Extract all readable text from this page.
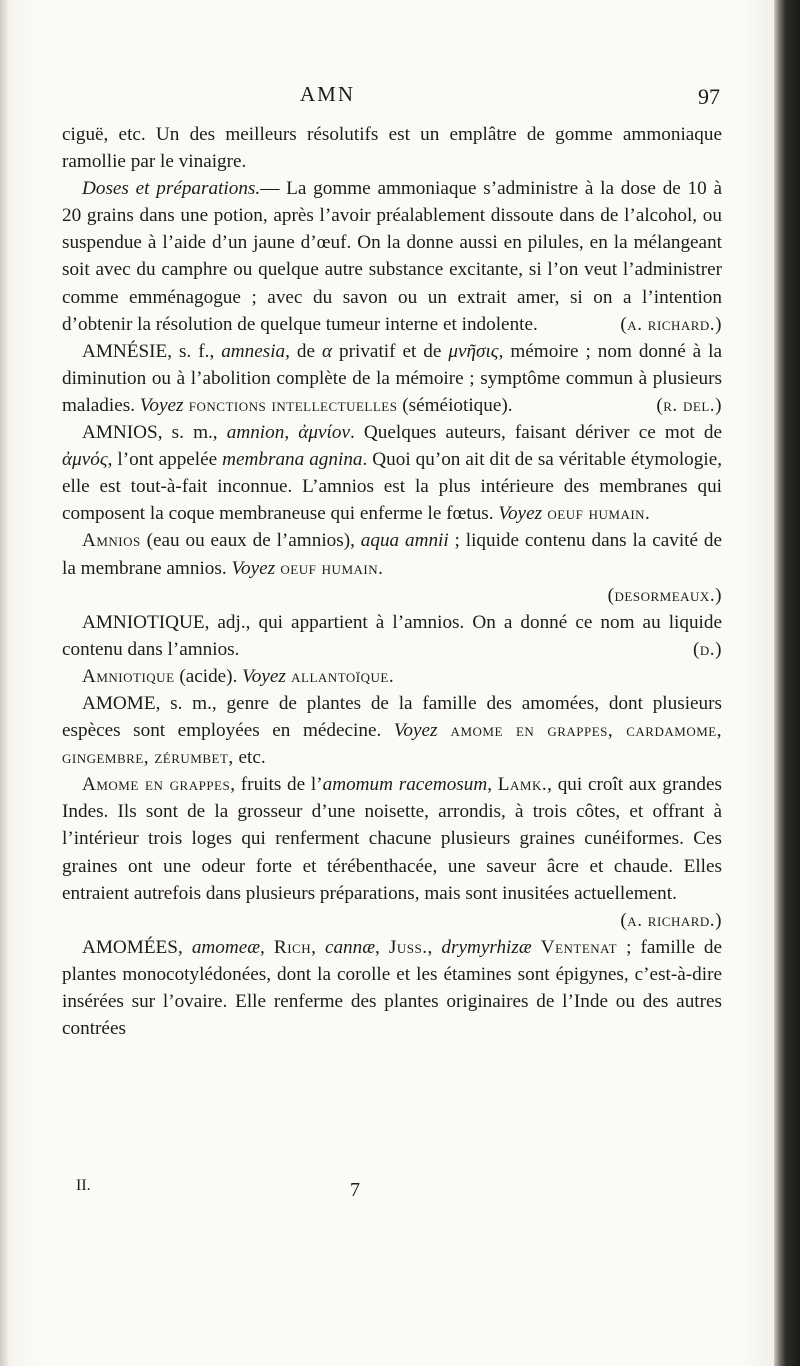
AMN	97

ciguë, etc. Un des meilleurs résolutifs est un emplâtre de gomme ammoniaque ramollie par le vinaigre.

Doses et préparations.— La gomme ammoniaque s’administre à la dose de 10 à 20 grains dans une potion, après l’avoir préalablement dissoute dans de l’alcohol, ou suspendue à l’aide d’un jaune d’œuf. On la donne aussi en pilules, en la mélangeant soit avec du camphre ou quelque autre substance excitante, si l’on veut l’administrer comme emménagogue ; avec du savon ou un extrait amer, si on a l’intention d’obtenir la résolution de quelque tumeur interne et indolente.	(a. richard.)

AMNÉSIE, s. f., amnesia, de α privatif et de μνῆσις, mémoire ; nom donné à la diminution ou à l’abolition complète de la mémoire ; symptôme commun à plusieurs maladies. Voyez fonctions intellectuelles (séméiotique).	(r. del.)

AMNIOS, s. m., amnion, ἀμνίον. Quelques auteurs, faisant dériver ce mot de ἀμνός, l’ont appelée membrana agnina. Quoi qu’on ait dit de sa véritable étymologie, elle est tout-à-fait inconnue. L’amnios est la plus intérieure des membranes qui composent la coque membraneuse qui enferme le fœtus. Voyez oeuf humain.

Amnios (eau ou eaux de l’amnios), aqua amnii ; liquide contenu dans la cavité de la membrane amnios. Voyez oeuf humain.

(desormeaux.)

AMNIOTIQUE, adj., qui appartient à l’amnios. On a donné ce nom au liquide contenu dans l’amnios.	(d.)

Amniotique (acide). Voyez allantoïque.

AMOME, s. m., genre de plantes de la famille des amomées, dont plusieurs espèces sont employées en médecine. Voyez amome en grappes, cardamome, gingembre, zérumbet, etc.

Amome en grappes, fruits de l’amomum racemosum, Lamk., qui croît aux grandes Indes. Ils sont de la grosseur d’une noisette, arrondis, à trois côtes, et offrant à l’intérieur trois loges qui renferment chacune plusieurs graines cunéiformes. Ces graines ont une odeur forte et térébenthacée, une saveur âcre et chaude. Elles entraient autrefois dans plusieurs préparations, mais sont inusitées actuellement.
(a. richard.)

AMOMÉES, amomeæ, Rich, cannæ, Juss., drymyrhizæ Ventenat ; famille de plantes monocotylédonées, dont la corolle et les étamines sont épigynes, c’est-à-dire insérées sur l’ovaire. Elle renferme des plantes originaires de l’Inde ou des autres contrées

II.	7
